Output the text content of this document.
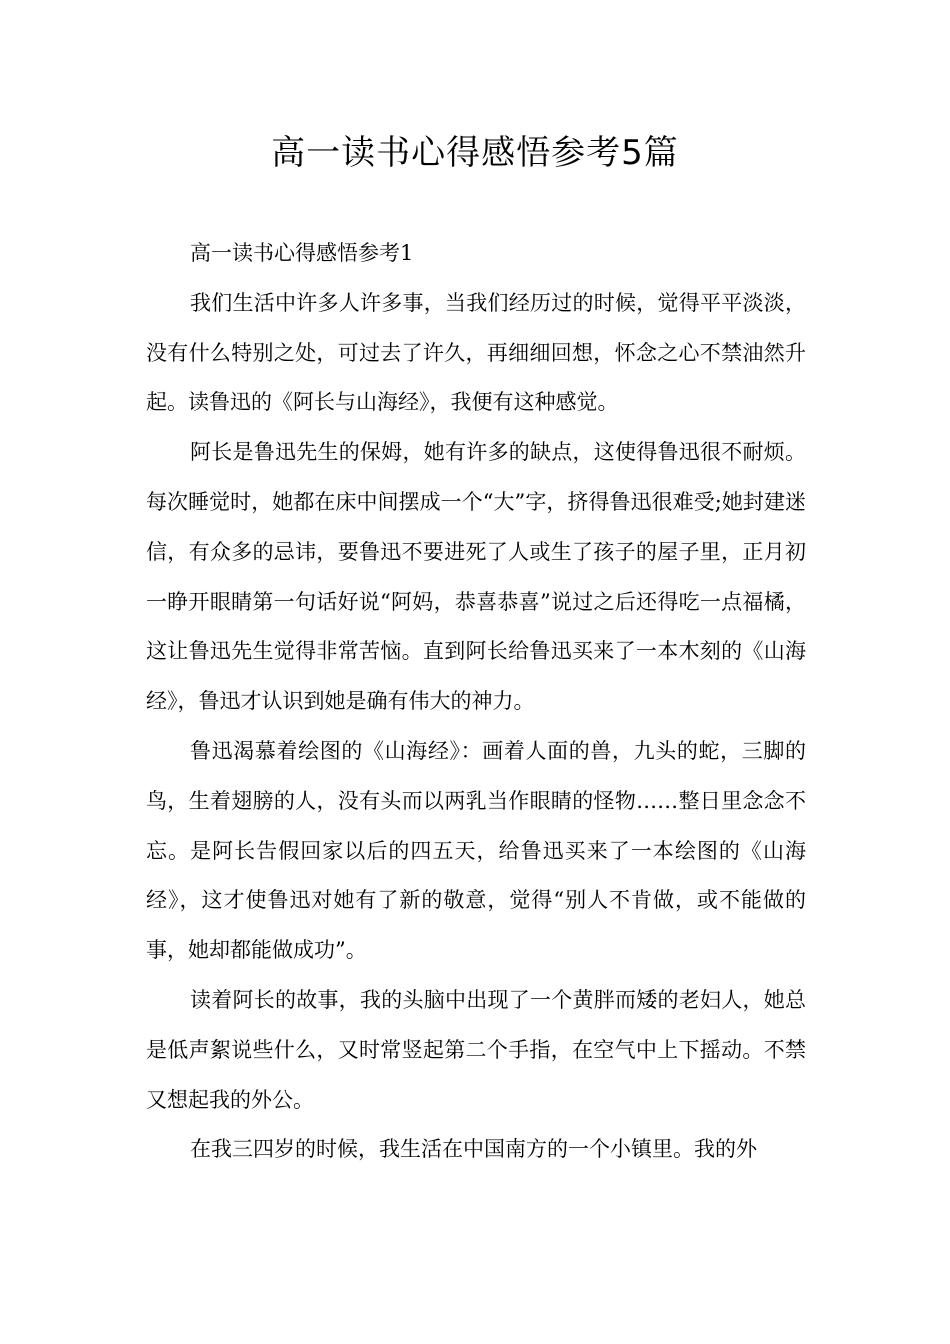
高一读书心得感悟参考5篇

高一读书心得感悟参考1

我们生活中许多人许多事，当我们经历过的时候，觉得平平淡淡，没有什么特别之处，可过去了许久，再细细回想，怀念之心不禁油然升起。读鲁迅的《阿长与山海经》，我便有这种感觉。

阿长是鲁迅先生的保姆，她有许多的缺点，这使得鲁迅很不耐烦。每次睡觉时，她都在床中间摆成一个“大”字，挤得鲁迅很难受;她封建迷信，有众多的忌讳，要鲁迅不要进死了人或生了孩子的屋子里，正月初一睁开眼睛第一句话好说“阿妈，恭喜恭喜”说过之后还得吃一点福橘，这让鲁迅先生觉得非常苦恼。直到阿长给鲁迅买来了一本木刻的《山海经》，鲁迅才认识到她是确有伟大的神力。

鲁迅渴慕着绘图的《山海经》：画着人面的兽，九头的蛇，三脚的鸟，生着翅膀的人，没有头而以两乳当作眼睛的怪物……整日里念念不忘。是阿长告假回家以后的四五天，给鲁迅买来了一本绘图的《山海经》，这才使鲁迅对她有了新的敬意，觉得“别人不肯做，或不能做的事，她却都能做成功”。

读着阿长的故事，我的头脑中出现了一个黄胖而矮的老妇人，她总是低声絮说些什么，又时常竖起第二个手指，在空气中上下摇动。不禁又想起我的外公。

在我三四岁的时候，我生活在中国南方的一个小镇里。我的外
